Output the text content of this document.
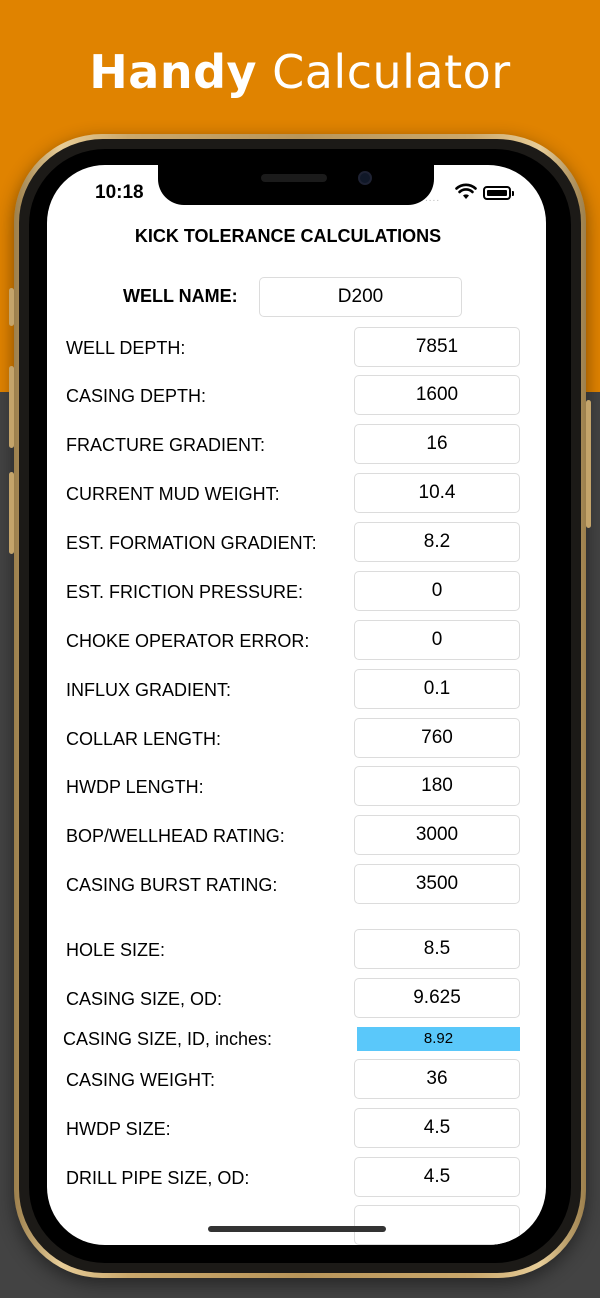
Handy Calculator
10:18	....
KICK TOLERANCE CALCULATIONS
WELL NAME:	D200
WELL DEPTH:	7851
CASING DEPTH:	1600
FRACTURE GRADIENT:	16
CURRENT MUD WEIGHT:	10.4
EST. FORMATION GRADIENT:	8.2
EST. FRICTION PRESSURE:	0
CHOKE OPERATOR ERROR:	0
INFLUX GRADIENT:	0.1
COLLAR LENGTH:	760
HWDP LENGTH:	180
BOP/WELLHEAD RATING:	3000
CASING BURST RATING:	3500
HOLE SIZE:	8.5
CASING SIZE, OD:	9.625
CASING SIZE, ID, inches:	8.92
CASING WEIGHT:	36
HWDP SIZE:	4.5
DRILL PIPE SIZE, OD:	4.5
